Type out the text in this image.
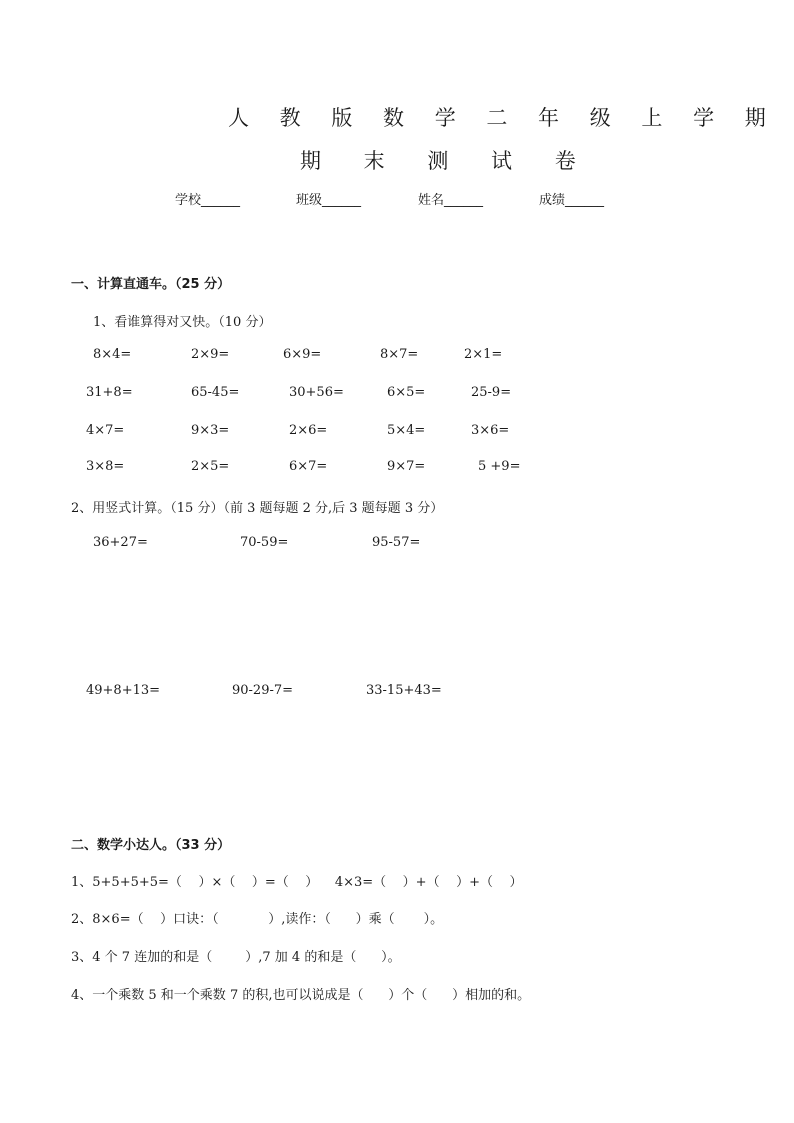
人 教 版 数 学 二 年 级 上 学 期
期 末 测 试 卷
学校______	班级______	姓名______	成绩______
一、计算直通车。（25 分）
1、看谁算得对又快。（10 分）
8×4=	2×9=	6×9=	8×7=	2×1=
31+8=	65-45=	30+56=	6×5=	25-9=
4×7=	9×3=	2×6=	5×4=	3×6=
3×8=	2×5=	6×7=	9×7=	5 +9=
2、用竖式计算。（15 分）（前 3 题每题 2 分,后 3 题每题 3 分）
36+27=	70-59=	95-57=
49+8+13=	90-29-7=	33-15+43=
二、数学小达人。（33 分）
1、5+5+5+5=（    ）×（    ）=（    ）    4×3=（    ）+（    ）+（    ）
2、8×6=（    ）口诀：（            ）,读作：（      ）乘（       ）。
3、4 个 7 连加的和是（        ）,7 加 4 的和是（      ）。
4、一个乘数 5 和一个乘数 7 的积,也可以说成是（      ）个（      ）相加的和。
